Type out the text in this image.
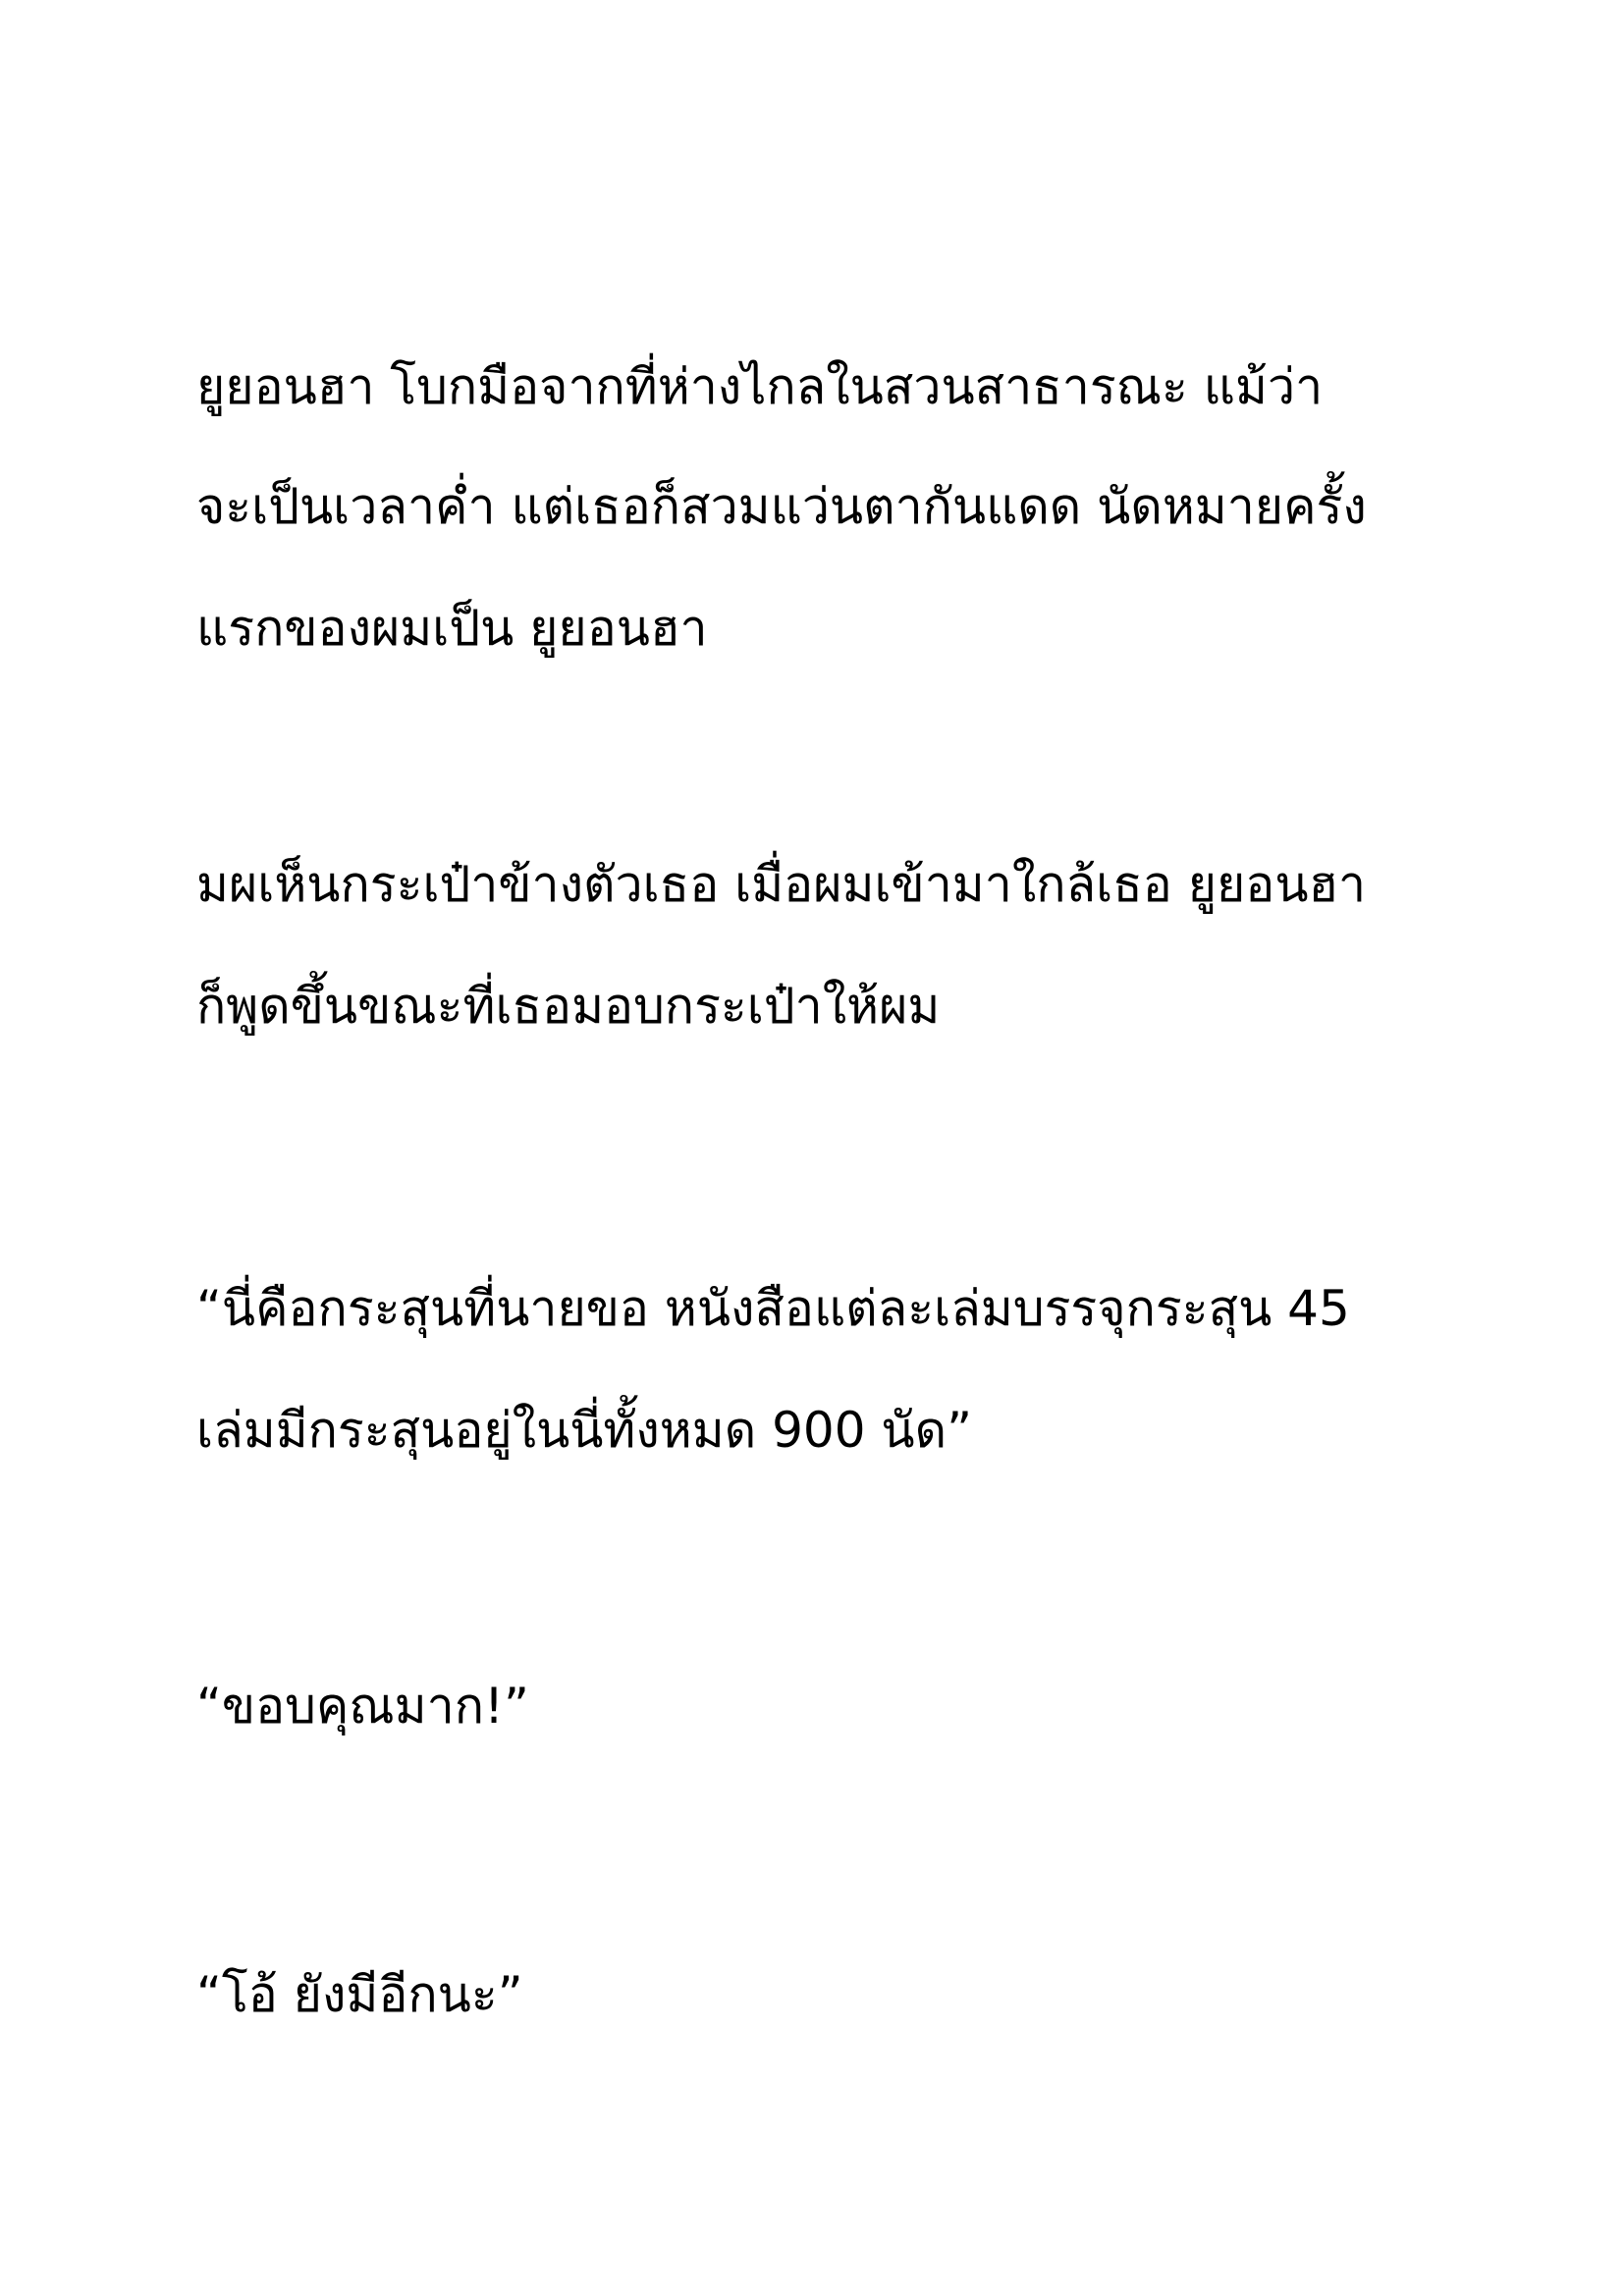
ยูยอนฮา โบกมือจากที่ห่างไกลในสวนสาธารณะ แม้ว่า

จะเป็นเวลาค่ำ แต่เธอก็สวมแว่นตากันแดด นัดหมายครั้ง

แรกของผมเป็น ยูยอนฮา

มผเห็นกระเป๋าข้างตัวเธอ เมื่อผมเข้ามาใกล้เธอ ยูยอนฮา

ก็พูดขึ้นขณะที่เธอมอบกระเป๋าให้ผม

“นี่คือกระสุนที่นายขอ หนังสือแต่ละเล่มบรรจุกระสุน 45

เล่มมีกระสุนอยู่ในนี่ทั้งหมด 900 นัด”

“ขอบคุณมาก!”

“โอ้ ยังมีอีกนะ”
